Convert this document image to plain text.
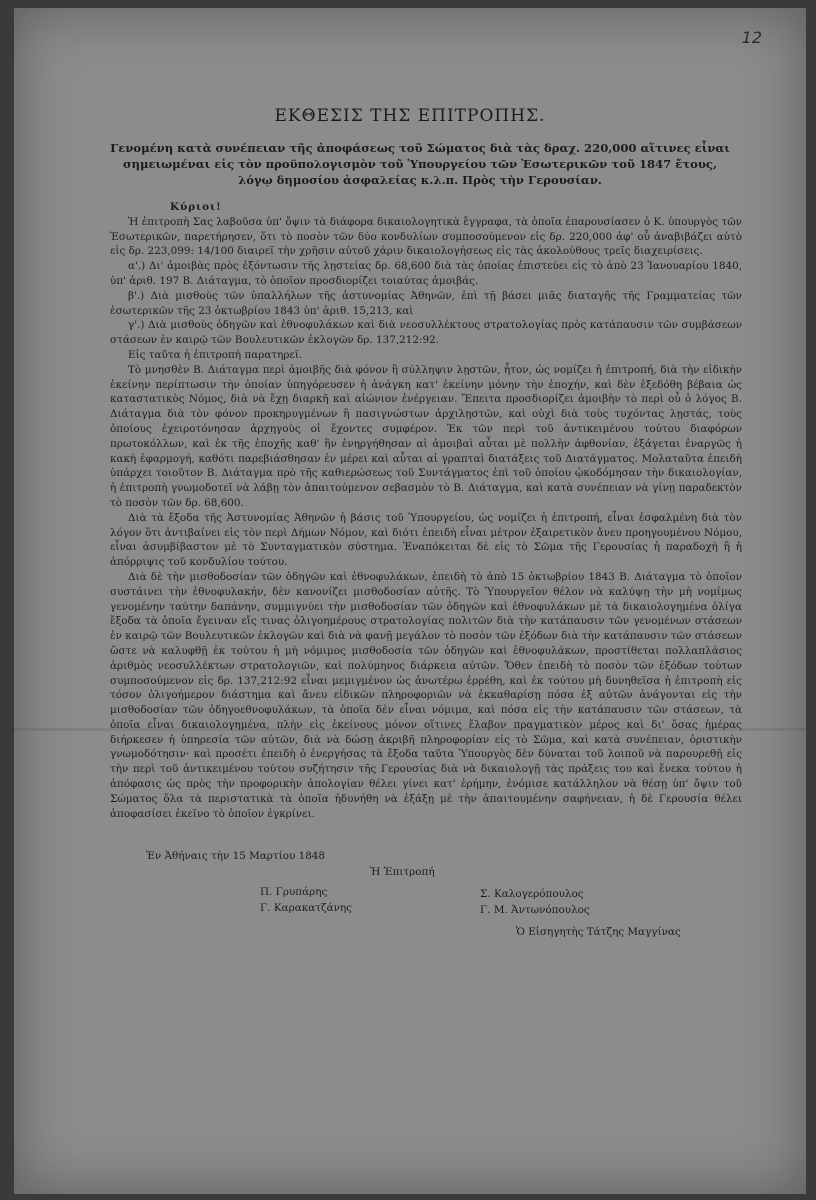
12
ΕΚΘΕΣΙΣ ΤΗΣ ΕΠΙΤΡΟΠΗΣ.
Γενομένη κατὰ συνέπειαν τῆς ἀποφάσεως τοῦ Σώματος διὰ τὰς δραχ. 220,000 αἵτινες εἶναι σημειωμέναι εἰς τὸν προϋπολογισμὸν τοῦ Ὑπουργείου τῶν Ἐσωτερικῶν τοῦ 1847 ἔτους, λόγῳ δημοσίου ἀσφαλείας κ.λ.π. Πρὸς τὴν Γερουσίαν.

Κύριοι!

Ἡ ἐπιτροπὴ Σας λαβοῦσα ὑπ' ὄψιν τὰ διάφορα δικαιολογητικὰ ἔγγραφα, τὰ ὁποῖα ἐπαρουσίασεν ὁ Κ. ὑπουργὸς τῶν Ἐσωτερικῶν, παρετήρησεν, ὅτι τὸ ποσὸν τῶν δύο κονδυλίων συμποσούμενον εἰς δρ. 220,000 ἀφ' οὗ ἀναβιβάζει αὐτὸ εἰς δρ. 223,099: 14/100 διαιρεῖ τὴν χρῆσιν αὐτοῦ χάριν δικαιολογήσεως εἰς τὰς ἀκολούθους τρεῖς διαχειρίσεις.

α'.) Δι' ἀμοιβὰς πρὸς ἐξόντωσιν τῆς λῃστείας δρ. 68,600 διὰ τὰς ὁποίας ἐπιστεύει εἰς τὸ ἀπὸ 23 Ἰανουαρίου 1840, ὑπ' ἀριθ. 197 Β. Διάταγμα, τὸ ὁποῖον προσδιορίζει τοιαύτας ἀμοιβάς.

β'.) Διὰ μισθοὺς τῶν ὑπαλλήλων τῆς ἀστυνομίας Ἀθηνῶν, ἐπὶ τῇ βάσει μιᾶς διαταγῆς τῆς Γραμματείας τῶν ἐσωτερικῶν τῆς 23 ὀκτωβρίου 1843 ὑπ' ἀριθ. 15,213, καὶ

γ'.) Διὰ μισθοὺς ὁδηγῶν καὶ ἐθνοφυλάκων καὶ διὰ νεοσυλλέκτους στρατολογίας πρὸς κατάπαυσιν τῶν συμβάσεων στάσεων ἐν καιρῷ τῶν Βουλευτικῶν ἐκλογῶν δρ. 137,212:92.

Εἰς ταῦτα ἡ ἐπιτροπὴ παρατηρεῖ.

Τὸ μνησθὲν Β. Διάταγμα περὶ ἀμοιβῆς διὰ φόνον ἢ σύλληψιν λῃστῶν, ἦτον, ὡς νομίζει ἡ ἐπιτροπή, διὰ τὴν εἰδικὴν ἐκείνην περίπτωσιν τὴν ὁποίαν ὑπηγόρευσεν ἡ ἀνάγκη κατ' ἐκείνην μόνην τὴν ἐποχήν, καὶ δὲν ἐξεδόθη βέβαια ὡς καταστατικὸς Νόμος, διὰ νὰ ἔχῃ διαρκῆ καὶ αἰώνιον ἐνέργειαν. Ἔπειτα προσδιορίζει ἀμοιβὴν τὸ περὶ οὗ ὁ λόγος Β. Διάταγμα διὰ τὸν φόνον προκηρυγμένων ἢ πασιγνώστων ἀρχιλῃστῶν, καὶ οὐχὶ διὰ τοὺς τυχόντας λῃστάς, τοὺς ὁποίους ἐχειροτόνησαν ἀρχηγοὺς οἱ ἔχοντες συμφέρον. Ἐκ τῶν περὶ τοῦ ἀντικειμένου τούτου διαφόρων πρωτοκόλλων, καὶ ἐκ τῆς ἐποχῆς καθ' ἣν ἐνηργήθησαν αἱ ἀμοιβαὶ αὗται μὲ πολλὴν ἀφθονίαν, ἐξάγεται ἐναργῶς ἡ κακὴ ἐφαρμογή, καθότι παρεβιάσθησαν ἐν μέρει καὶ αὗται αἱ γραπταὶ διατάξεις τοῦ Διατάγματος. Μολαταῦτα ἐπειδὴ ὑπάρχει τοιοῦτον Β. Διάταγμα πρὸ τῆς καθιερώσεως τοῦ Συντάγματος ἐπὶ τοῦ ὁποίου ᾠκοδόμησαν τὴν δικαιολογίαν, ἡ ἐπιτροπὴ γνωμοδοτεῖ νὰ λάβῃ τὸν ἀπαιτούμενον σεβασμὸν τὸ Β. Διάταγμα, καὶ κατὰ συνέπειαν νὰ γίνῃ παραδεκτὸν τὸ ποσὸν τῶν δρ. 68,600.

Διὰ τὰ ἔξοδα τῆς Ἀστυνομίας Ἀθηνῶν ἡ βάσις τοῦ Ὑπουργείου, ὡς νομίζει ἡ ἐπιτροπή, εἶναι ἐσφαλμένη διὰ τὸν λόγον ὅτι ἀντιβαίνει εἰς τὸν περὶ Δήμων Νόμον, καὶ διότι ἐπειδὴ εἶναι μέτρον ἐξαιρετικὸν ἄνευ προηγουμένου Νόμου, εἶναι ἀσυμβίβαστον μὲ τὸ Συνταγματικὸν σύστημα. Ἐναπόκειται δὲ εἰς τὸ Σῶμα τῆς Γερουσίας ἡ παραδοχὴ ἢ ἡ ἀπόρριψις τοῦ κονδυλίου τούτου.

Διὰ δὲ τὴν μισθοδοσίαν τῶν ὁδηγῶν καὶ ἐθνοφυλάκων, ἐπειδὴ τὸ ἀπὸ 15 ὀκτωβρίου 1843 Β. Διάταγμα τὸ ὁποῖον συστάινει τὴν ἐθνοφυλακήν, δὲν κανονίζει μισθοδοσίαν αὐτῆς. Τὸ Ὑπουργεῖον θέλον νὰ καλύψῃ τὴν μὴ νομίμως γενομένην ταύτην δαπάνην, συμμιγνύει τὴν μισθοδοσίαν τῶν ὁδηγῶν καὶ ἐθνοφυλάκων μὲ τὰ δικαιολογημένα ὀλίγα ἔξοδα τὰ ὁποῖα ἔγειναν εἴς τινας ὀλιγοημέρους στρατολογίας πολιτῶν διὰ τὴν κατάπαυσιν τῶν γενομένων στάσεων ἐν καιρῷ τῶν Βουλευτικῶν ἐκλογῶν καὶ διὰ νὰ φανῇ μεγάλον τὸ ποσὸν τῶν ἐξόδων διὰ τὴν κατάπαυσιν τῶν στάσεων ὥστε νὰ καλυφθῇ ἐκ τούτου ἡ μὴ νόμιμος μισθοδοσία τῶν ὁδηγῶν καὶ ἐθνοφυλάκων, προστίθεται πολλαπλάσιος ἀριθμὸς νεοσυλλέκτων στρατολογιῶν, καὶ πολύμηνος διάρκεια αὐτῶν. Ὅθεν ἐπειδὴ τὸ ποσὸν τῶν ἐξόδων τούτων συμποσούμενον εἰς δρ. 137,212:92 εἶναι μεμιγμένον ὡς ἀνωτέρω ἐρρέθη, καὶ ἐκ τούτου μὴ δυνηθεῖσα ἡ ἐπιτροπὴ εἰς τόσον ὀλιγοήμερον διάστημα καὶ ἄνευ εἰδικῶν πληροφοριῶν νὰ ἐκκαθαρίσῃ πόσα ἐξ αὐτῶν ἀνάγονται εἰς τὴν μισθοδοσίαν τῶν ὁδηγοεθνοφυλάκων, τὰ ὁποῖα δὲν εἶναι νόμιμα, καὶ πόσα εἰς τὴν κατάπαυσιν τῶν στάσεων, τὰ ὁποῖα εἶναι δικαιολογημένα, πλὴν εἰς ἐκείνους μόνον οἵτινες ἔλαβον πραγματικὸν μέρος καὶ δι' ὅσας ἡμέρας διήρκεσεν ἡ ὑπηρεσία τῶν αὐτῶν, διὰ νὰ δώσῃ ἀκριβῆ πληροφορίαν εἰς τὸ Σῶμα, καὶ κατὰ συνέπειαν, ὁριστικὴν γνωμοδότησιν· καὶ προσέτι ἐπειδὴ ὁ ἐνεργήσας τὰ ἔξοδα ταῦτα Ὑπουργὸς δὲν δύναται τοῦ λοιποῦ νὰ παρουρεθῇ εἰς τὴν περὶ τοῦ ἀντικειμένου τούτου συζήτησιν τῆς Γερουσίας διὰ νὰ δικαιολογῇ τὰς πράξεις του καὶ ἕνεκα τούτου ἡ ἀπόφασις ὡς πρὸς τὴν προφορικὴν ἀπολογίαν θέλει γίνει κατ' ἐρήμην, ἐνόμισε κατάλληλον νὰ θέσῃ ὑπ' ὄψιν τοῦ Σώματος ὅλα τὰ περιστατικὰ τὰ ὁποῖα ἠδυνήθη νὰ ἐξάξῃ μὲ τὴν ἀπαιτουμένην σαφήνειαν, ἡ δὲ Γερουσία θέλει ἀποφασίσει ἐκεῖνο τὸ ὁποῖον ἐγκρίνει.

Ἐν Ἀθήναις τὴν 15 Μαρτίου 1848
Ἡ Ἐπιτροπή
Π. Γρυπάρης
Γ. Καρακατζάνης
Σ. Καλογερόπουλος
Γ. Μ. Ἀντωνόπουλος
Ὁ Εἰσηγητὴς Τάτζης Μαγγίνας
